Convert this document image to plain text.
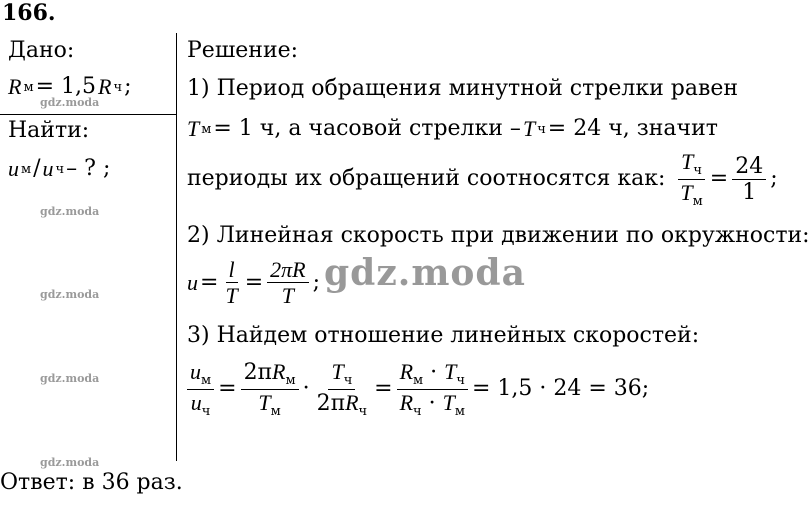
166.
Дано:
R м = 1,5 R ч ;
Найти:
u м / u ч – ? ;
Решение:
1) Период обращения минутной стрелки равен
T м = 1 ч, а часовой стрелки – T ч = 24 ч, значит
периоды их обращений соотносятся как: $\frac{T_ч}{T_м} = \frac{24}{1}$ ;
2) Линейная скорость при движении по окружности:
$u = \frac{l}{T} = \frac{2\pi R}{T}$ ;
3) Найдем отношение линейных скоростей:
$\frac{u_м}{u_ч} = \frac{2\pi R_м}{T_м} \cdot \frac{T_ч}{2\pi R_ч} = \frac{R_м \cdot T_ч}{R_ч \cdot T_м} = 1,5 \cdot 24 = 36$;
Ответ: в 36 раз.
gdz.moda
gdz.moda
gdz.moda
gdz.moda
gdz.moda
gdz.moda
